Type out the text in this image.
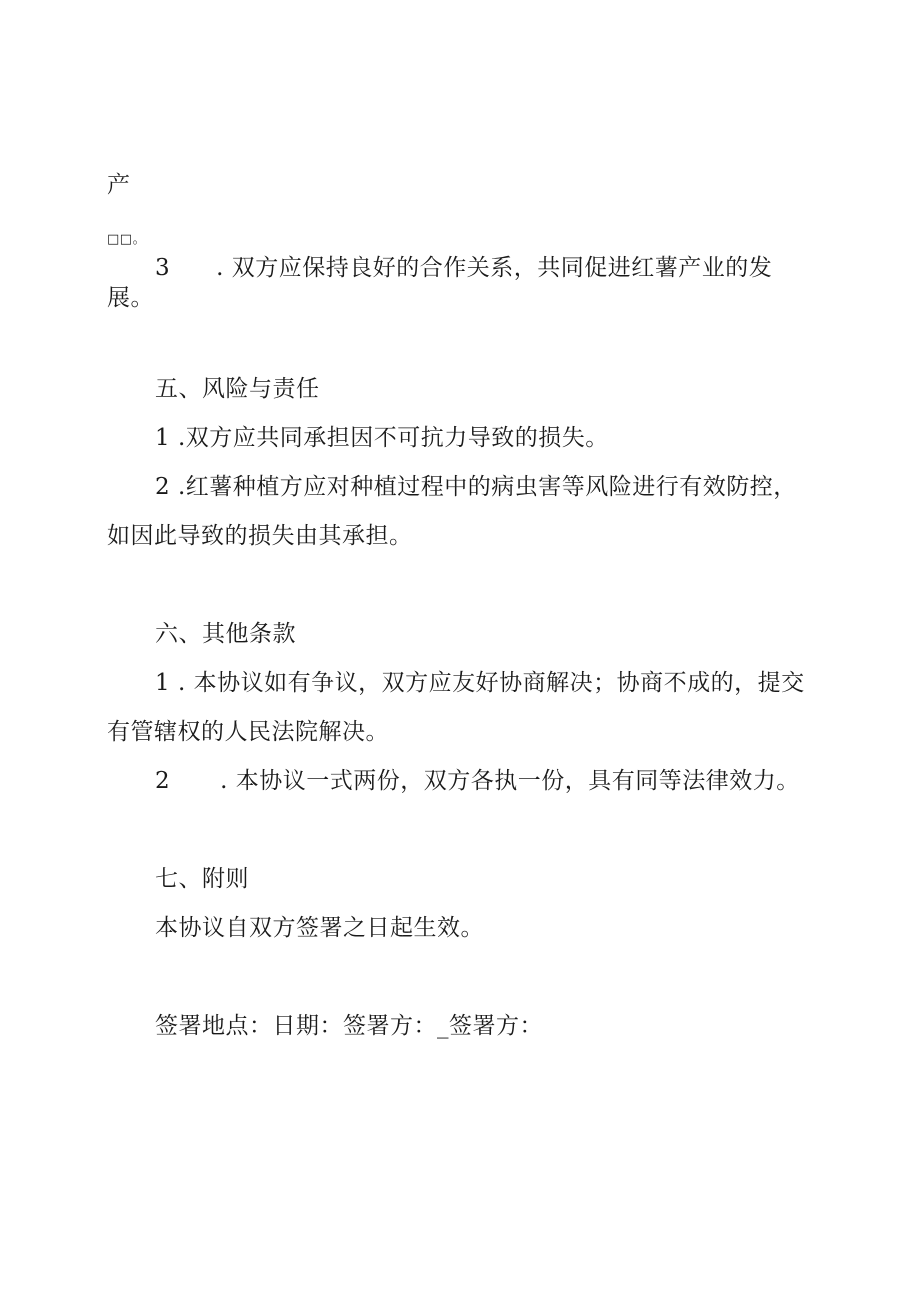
产
□□。
3 . 双方应保持良好的合作关系，共同促进红薯产业的发
展。
五、风险与责任
1 .双方应共同承担因不可抗力导致的损失。
2 .红薯种植方应对种植过程中的病虫害等风险进行有效防控，
如因此导致的损失由其承担。
六、其他条款
1 . 本协议如有争议，双方应友好协商解决；协商不成的，提交
有管辖权的人民法院解决。
2 . 本协议一式两份，双方各执一份，具有同等法律效力。
七、附则
本协议自双方签署之日起生效。
签署地点：日期：签署方：_签署方：
